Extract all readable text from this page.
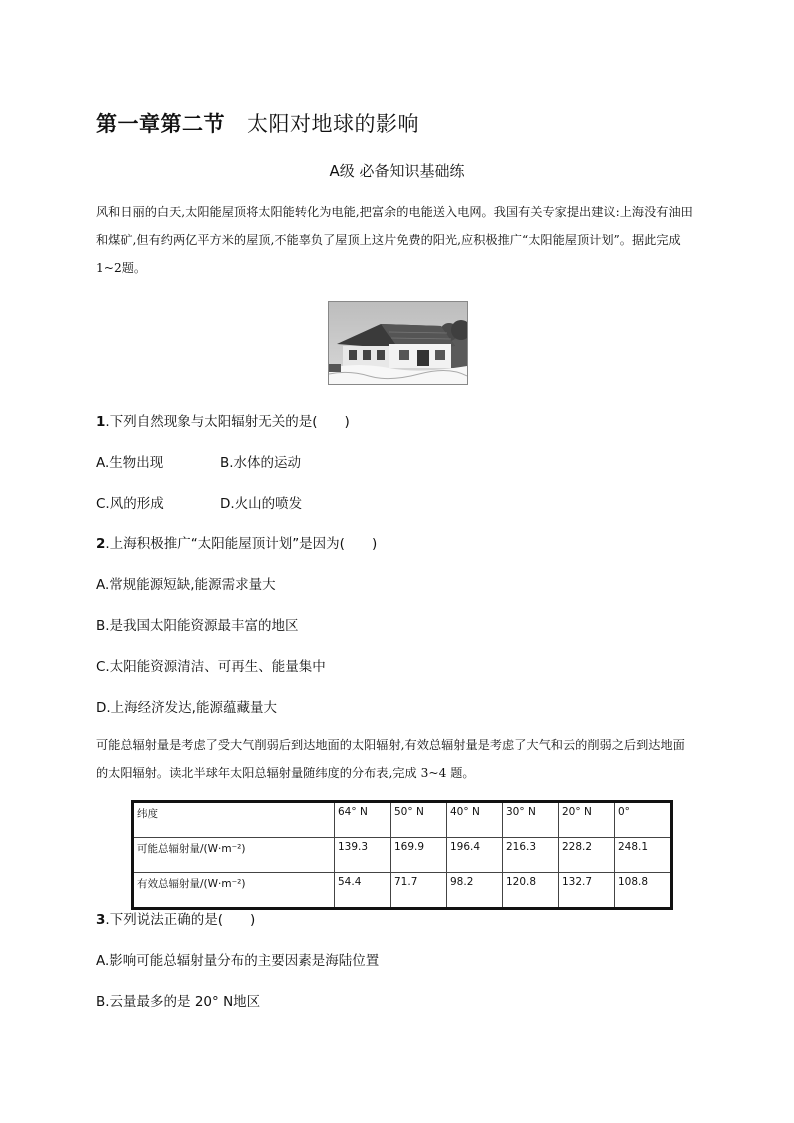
第一章第二节 太阳对地球的影响
A级 必备知识基础练
风和日丽的白天,太阳能屋顶将太阳能转化为电能,把富余的电能送入电网。我国有关专家提出建议:上海没有油田和煤矿,但有约两亿平方米的屋顶,不能辜负了屋顶上这片免费的阳光,应积极推广“太阳能屋顶计划”。据此完成 1~2题。
1.下列自然现象与太阳辐射无关的是(　　)
A.生物出现	B.水体的运动
C.风的形成	D.火山的喷发
2.上海积极推广“太阳能屋顶计划”是因为(　　)
A.常规能源短缺,能源需求量大
B.是我国太阳能资源最丰富的地区
C.太阳能资源清洁、可再生、能量集中
D.上海经济发达,能源蕴藏量大
可能总辐射量是考虑了受大气削弱后到达地面的太阳辐射,有效总辐射量是考虑了大气和云的削弱之后到达地面的太阳辐射。读北半球年太阳总辐射量随纬度的分布表,完成 3~4 题。
纬度	64° N	50° N	40° N	30° N	20° N	0°
可能总辐射量/(W·m⁻²)	139.3	169.9	196.4	216.3	228.2	248.1
有效总辐射量/(W·m⁻²)	54.4	71.7	98.2	120.8	132.7	108.8
3.下列说法正确的是(　　)
A.影响可能总辐射量分布的主要因素是海陆位置
B.云量最多的是 20° N地区
